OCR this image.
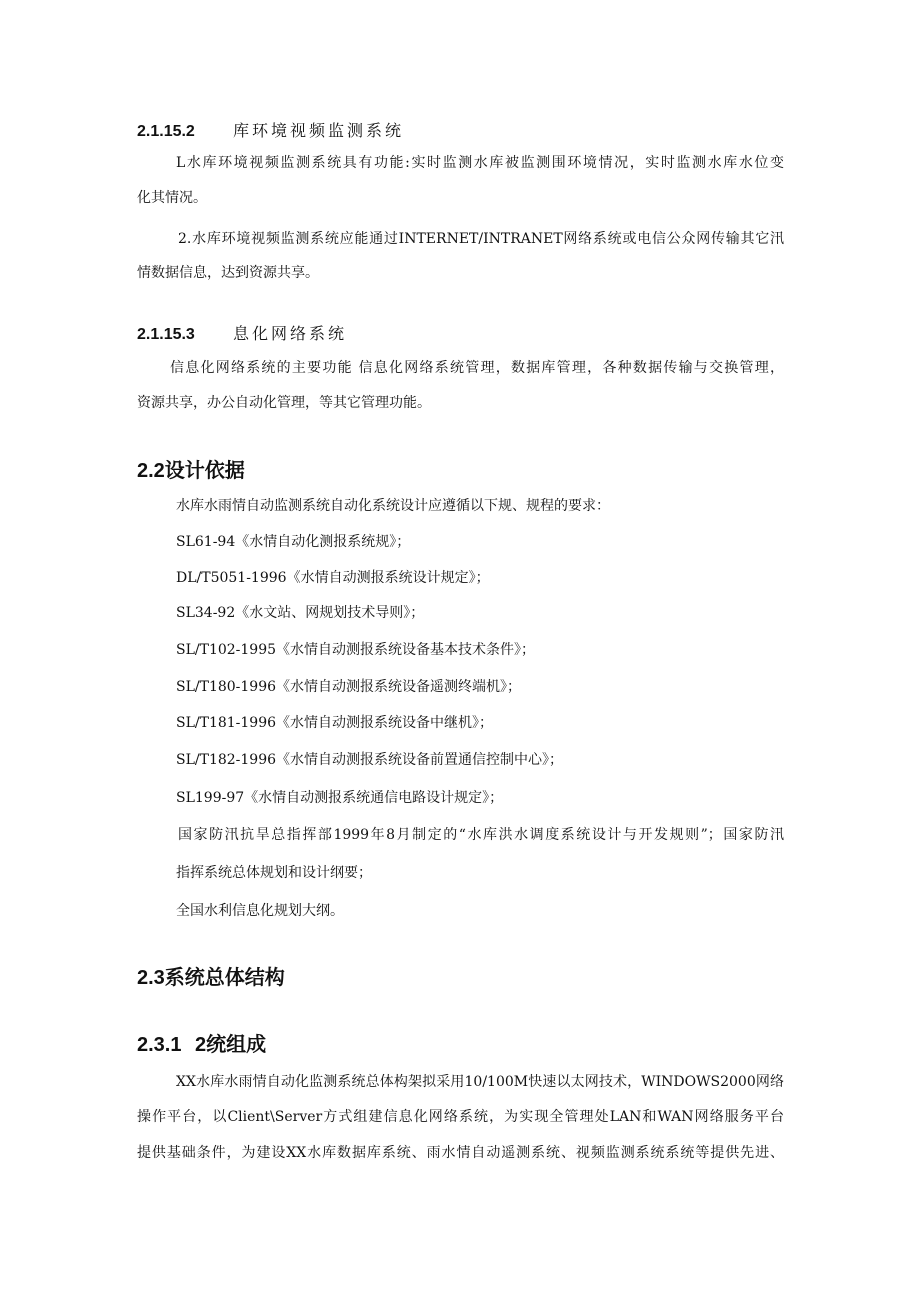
2.1.15.2 库环境视频监测系统
L水库环境视频监测系统具有功能:实时监测水库被监测围环境情况，实时监测水库水位变
化其情况。
2.水库环境视频监测系统应能通过INTERNET/INTRANET网络系统或电信公众网传输其它汛
情数据信息，达到资源共享。
2.1.15.3 息化网络系统
信息化网络系统的主要功能 信息化网络系统管理，数据库管理，各种数据传输与交换管理，
资源共享，办公自动化管理，等其它管理功能。
2.2设计依据
水库水雨情自动监测系统自动化系统设计应遵循以下规、规程的要求：
SL61-94《水情自动化测报系统规》；
DL/T5051-1996《水情自动测报系统设计规定》；
SL34-92《水文站、网规划技术导则》；
SL/T102-1995《水情自动测报系统设备基本技术条件》；
SL/T180-1996《水情自动测报系统设备遥测终端机》；
SL/T181-1996《水情自动测报系统设备中继机》；
SL/T182-1996《水情自动测报系统设备前置通信控制中心》；
SL199-97《水情自动测报系统通信电路设计规定》；
国家防汛抗旱总指挥部1999年8月制定的“水库洪水调度系统设计与开发规则”；国家防汛
指挥系统总体规划和设计纲要；
全国水利信息化规划大纲。
2.3系统总体结构
2.3.1 2统组成
XX水库水雨情自动化监测系统总体构架拟采用10/100M快速以太网技术，WINDOWS2000网络
操作平台，以Client\Server方式组建信息化网络系统，为实现全管理处LAN和WAN网络服务平台
提供基础条件，为建设XX水库数据库系统、雨水情自动遥测系统、视频监测系统系统等提供先进、
